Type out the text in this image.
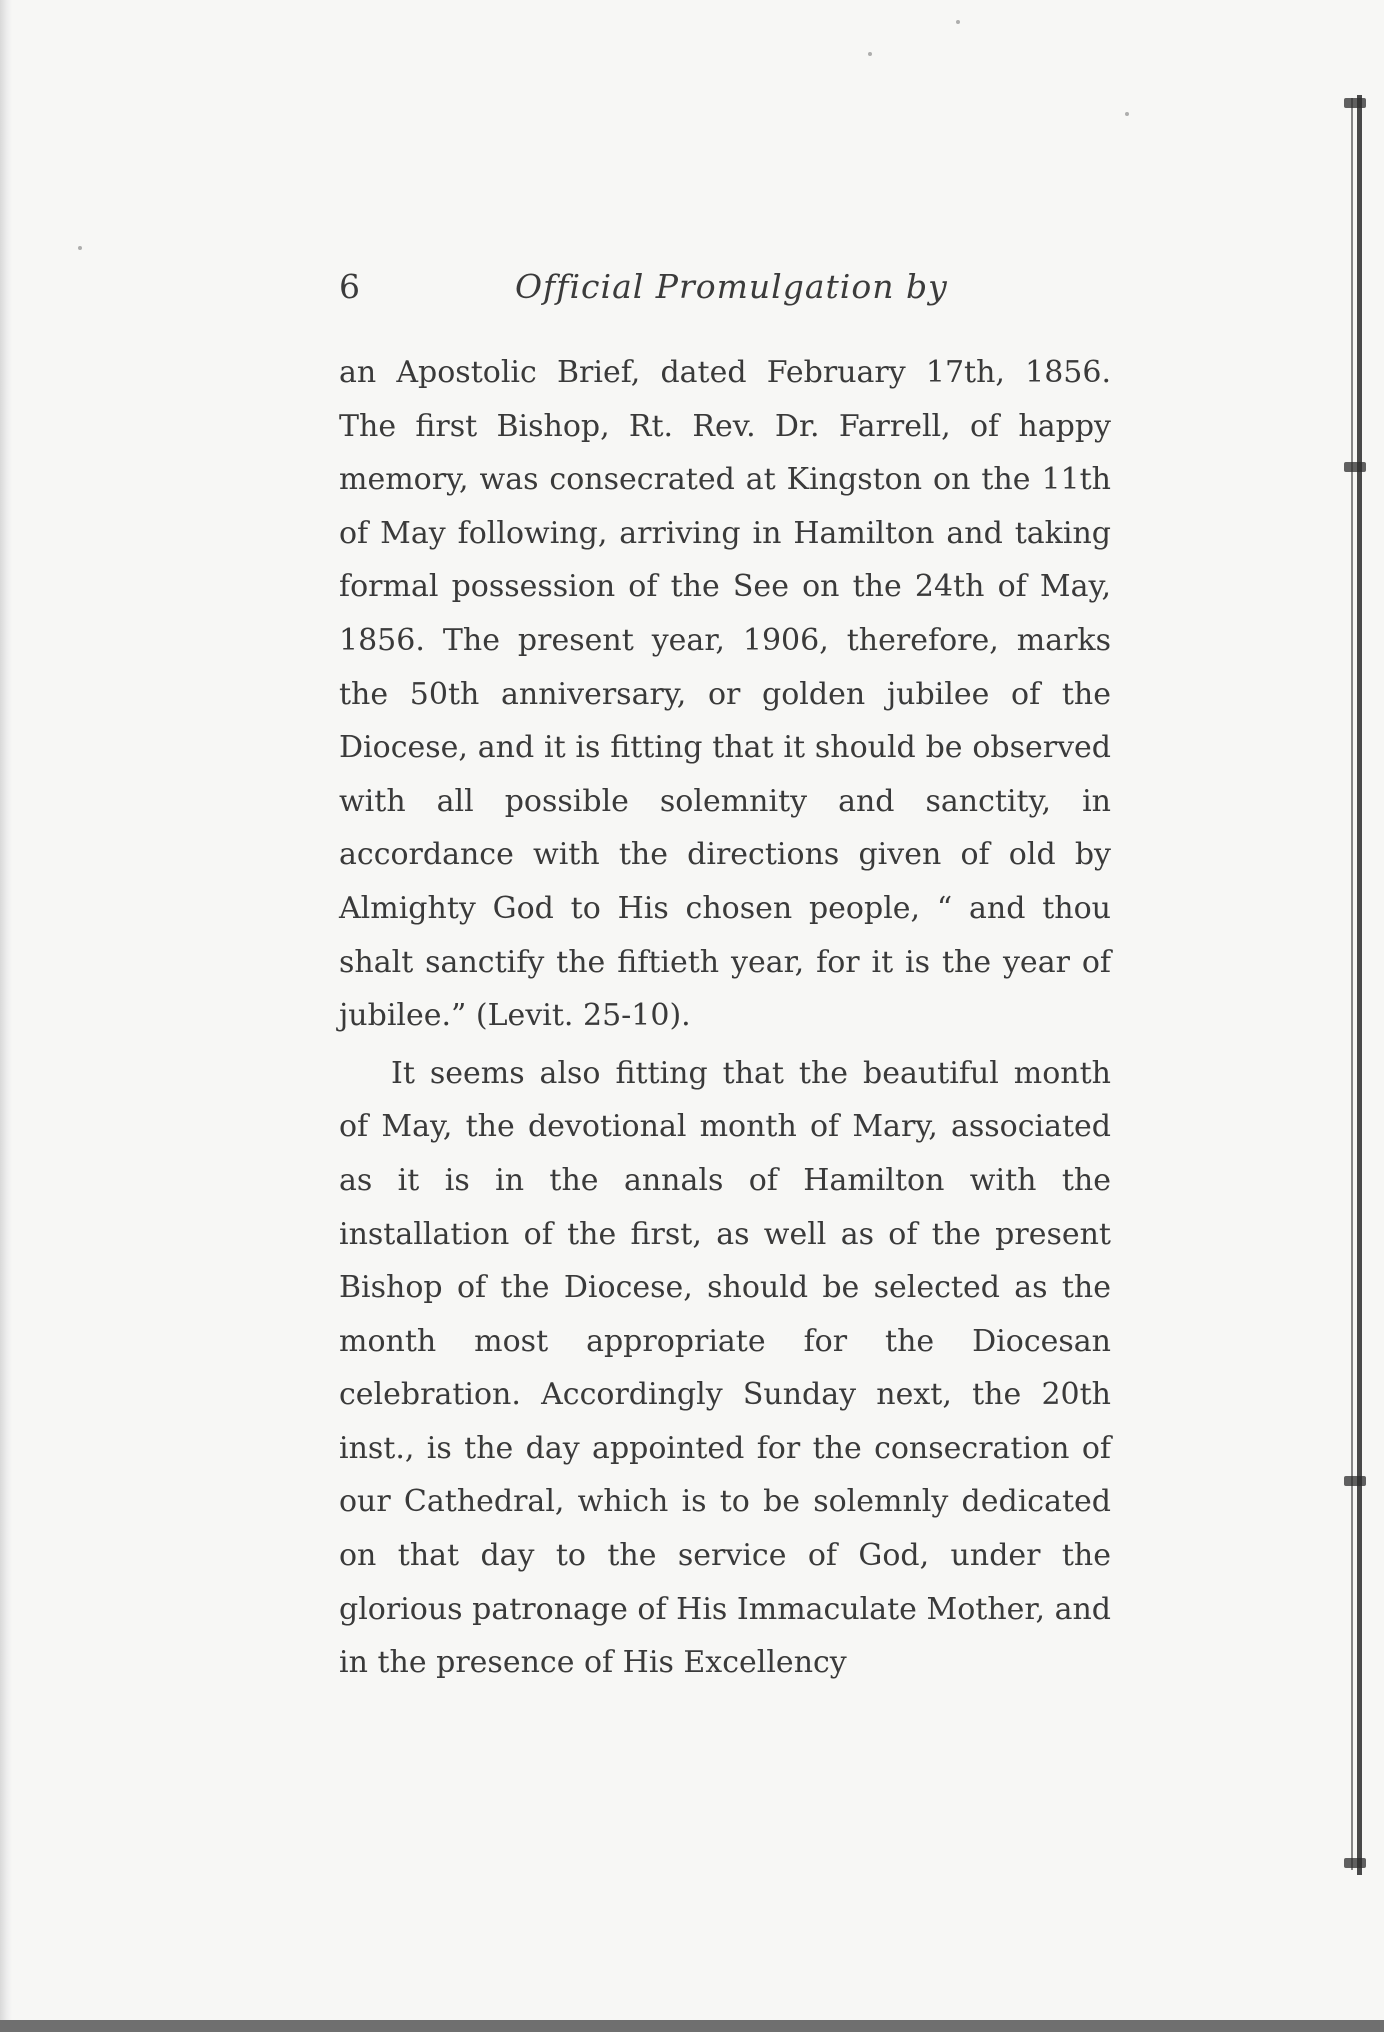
6	Official Promulgation by

an Apostolic Brief, dated February 17th, 1856. The first Bishop, Rt. Rev. Dr. Farrell, of happy memory, was consecrated at Kingston on the 11th of May following, arriving in Hamilton and taking formal possession of the See on the 24th of May, 1856. The present year, 1906, therefore, marks the 50th anniversary, or golden jubilee of the Diocese, and it is fitting that it should be observed with all possible solemnity and sanctity, in accordance with the directions given of old by Almighty God to His chosen people, “ and thou shalt sanctify the fiftieth year, for it is the year of jubilee.” (Levit. 25-10).

It seems also fitting that the beautiful month of May, the devotional month of Mary, associated as it is in the annals of Hamilton with the installation of the first, as well as of the present Bishop of the Diocese, should be selected as the month most appropriate for the Diocesan celebration. Accordingly Sunday next, the 20th inst., is the day appointed for the consecration of our Cathedral, which is to be solemnly dedicated on that day to the service of God, under the glorious patronage of His Immaculate Mother, and in the presence of His Excellency
